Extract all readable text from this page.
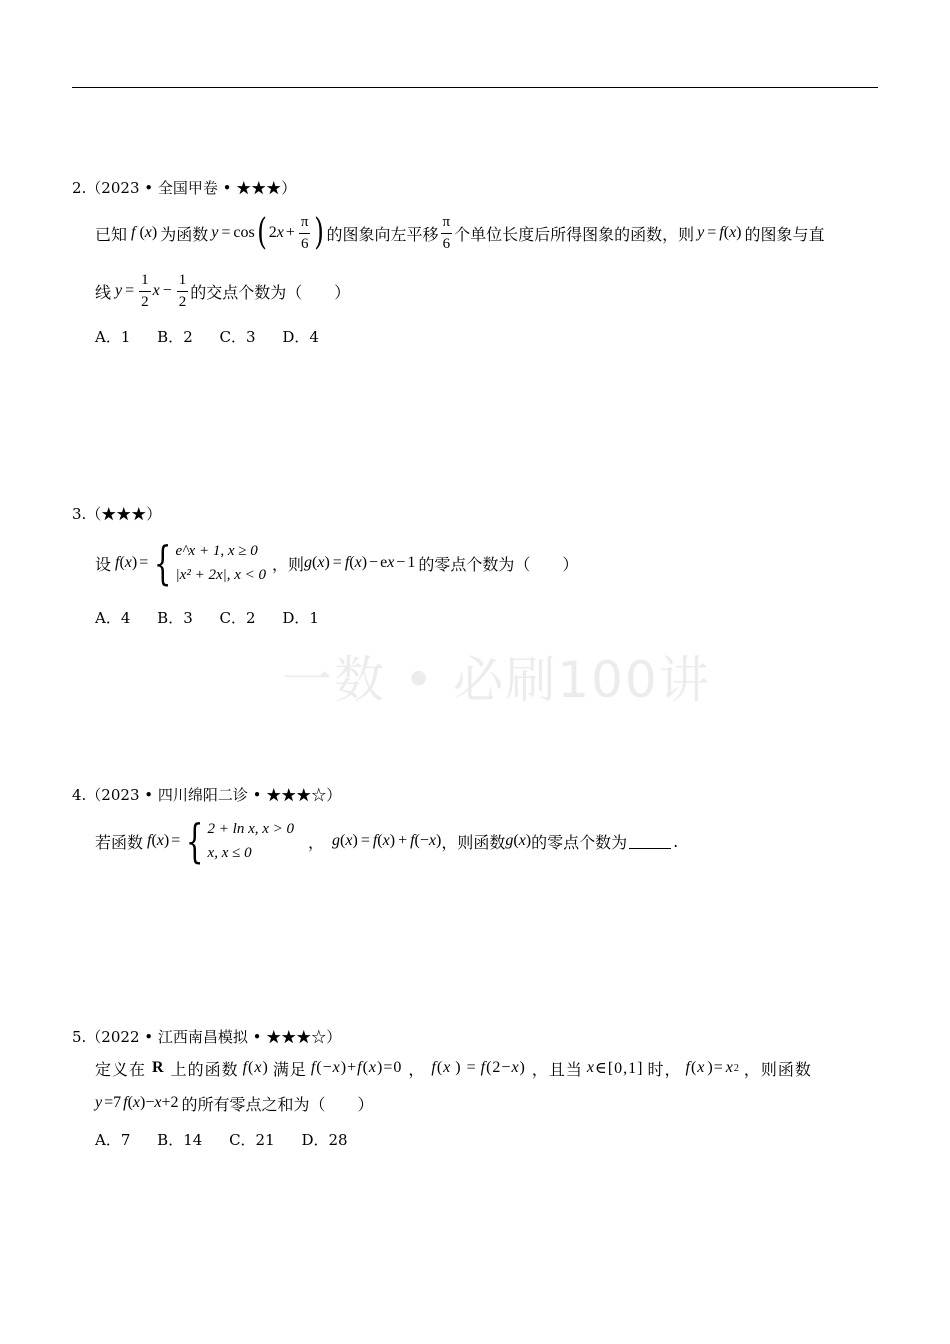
一数 • 必刷100讲
2.（2023 • 全国甲卷 • ★★★）
已知 f ( x ) 为函数 y = cos ( 2 $x + \frac{\pi}{6}$ ) 的图象向左平移 $\frac{\pi}{6}$ 个单位长度后所得图象的函数，则 y = f ( x ) 的图象与直
线 $y = \frac{1}{2}$ $x - \frac{1}{2}$ 的交点个数为（　　）
A．1 B．2 C．3 D．4
3.（★★★）
设 f ( x ) = { e^x + 1, x ≥ 0
|x² + 2x|, x < 0
，则 g ( x ) = f ( x ) − e x − 1 的零点个数为（　　）
A．4 B．3 C．2 D．1
4.（2023 • 四川绵阳二诊 • ★★★☆）
若函数 f ( x ) = { 2 + ln x, x > 0
x, x ≤ 0
， g ( x ) = f ( x ) + f ( − x ) ，则函数 g ( x ) 的零点个数为	.
5.（2022 • 江西南昌模拟 • ★★★☆）
定义在 R 上的函数 f ( x ) 满足 f (− x )+ f ( x )=0 ， f ( x ) = f (2− x ) ，且当 x ∈[0,1] 时， f ( x )= x 2 ，则函数
y =7 f ( x )− x +2 的所有零点之和为（　　）
A．7 B．14 C．21 D．28
